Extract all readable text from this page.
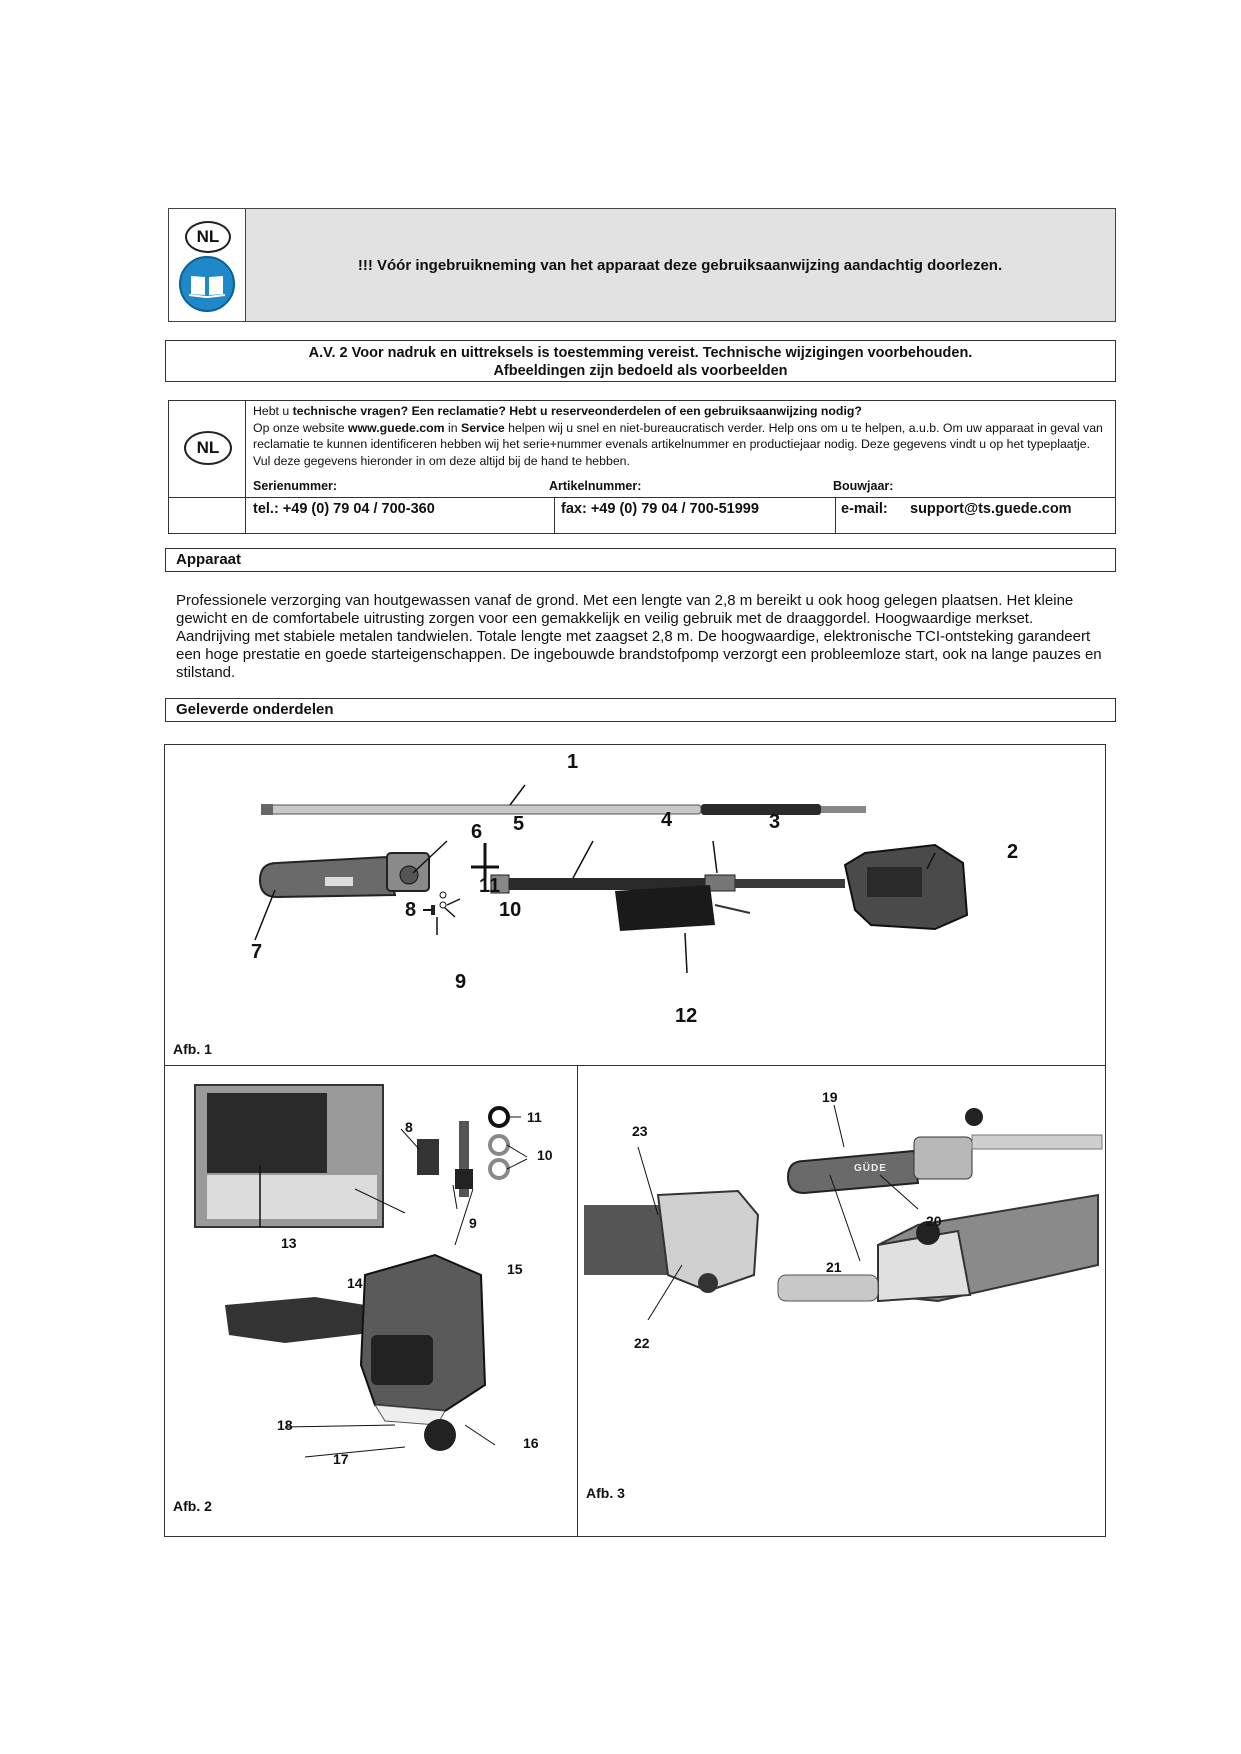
NL
!!! Vóór ingebruikneming van het apparaat deze gebruiksaanwijzing aandachtig doorlezen.
A.V. 2 Voor nadruk en uittreksels is toestemming vereist. Technische wijzigingen voorbehouden.
Afbeeldingen zijn bedoeld als voorbeelden
NL
Hebt u technische vragen? Een reclamatie? Hebt u reserveonderdelen of een gebruiksaanwijzing nodig?
Op onze website www.guede.com in Service helpen wij u snel en niet-bureaucratisch verder. Help ons om u te helpen, a.u.b. Om uw apparaat in geval van reclamatie te kunnen identificeren hebben wij het serie+nummer evenals artikelnummer en productiejaar nodig. Deze gegevens vindt u op het typeplaatje. Vul deze gegevens hieronder in om deze altijd bij de hand te hebben.
Serienummer:	Artikelnummer:	Bouwjaar:
tel.: +49 (0) 79 04 / 700-360	fax: +49 (0) 79 04 / 700-51999	e-mail: support@ts.guede.com
Apparaat
Professionele verzorging van houtgewassen vanaf de grond. Met een lengte van 2,8 m bereikt u ook hoog gelegen plaatsen. Het kleine gewicht en de comfortabele uitrusting zorgen voor een gemakkelijk en veilig gebruik met de draaggordel. Hoogwaardige merkset. Aandrijving met stabiele metalen tandwielen. Totale lengte met zaagset 2,8 m. De hoogwaardige, elektronische TCI-ontsteking garandeert een hoge prestatie en goede starteigenschappen. De ingebouwde brandstofpomp verzorgt een probleemloze start, ook na lange pauzes en stilstand.
Geleverde onderdelen
1
2
3
4
5
6
7
8
9
10
11
12
Afb. 1
8
9
10
11
13
14
15
16
17
18
Afb. 2
19
20
21
22
23
GÜDE
Afb. 3
